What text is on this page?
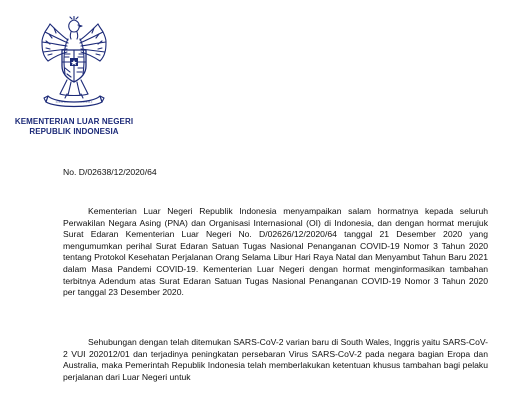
KEMENTERIAN LUAR NEGERI
REPUBLIK INDONESIA
No. D/02638/12/2020/64

Kementerian Luar Negeri Republik Indonesia menyampaikan salam hormatnya kepada seluruh Perwakilan Negara Asing (PNA) dan Organisasi Internasional (OI) di Indonesia, dan dengan hormat merujuk Surat Edaran Kementerian Luar Negeri No. D/02626/12/2020/64 tanggal 21 Desember 2020 yang mengumumkan perihal Surat Edaran Satuan Tugas Nasional Penanganan COVID-19 Nomor 3 Tahun 2020 tentang Protokol Kesehatan Perjalanan Orang Selama Libur Hari Raya Natal dan Menyambut Tahun Baru 2021 dalam Masa Pandemi COVID-19. Kementerian Luar Negeri dengan hormat menginformasikan tambahan terbitnya Adendum atas Surat Edaran Satuan Tugas Nasional Penanganan COVID-19 Nomor 3 Tahun 2020 per tanggal 23 Desember 2020.

Sehubungan dengan telah ditemukan SARS-CoV-2 varian baru di South Wales, Inggris yaitu SARS-CoV-2 VUI 202012/01 dan terjadinya peningkatan persebaran Virus SARS-CoV-2 pada negara bagian Eropa dan Australia, maka Pemerintah Republik Indonesia telah memberlakukan ketentuan khusus tambahan bagi pelaku perjalanan dari Luar Negeri untuk
